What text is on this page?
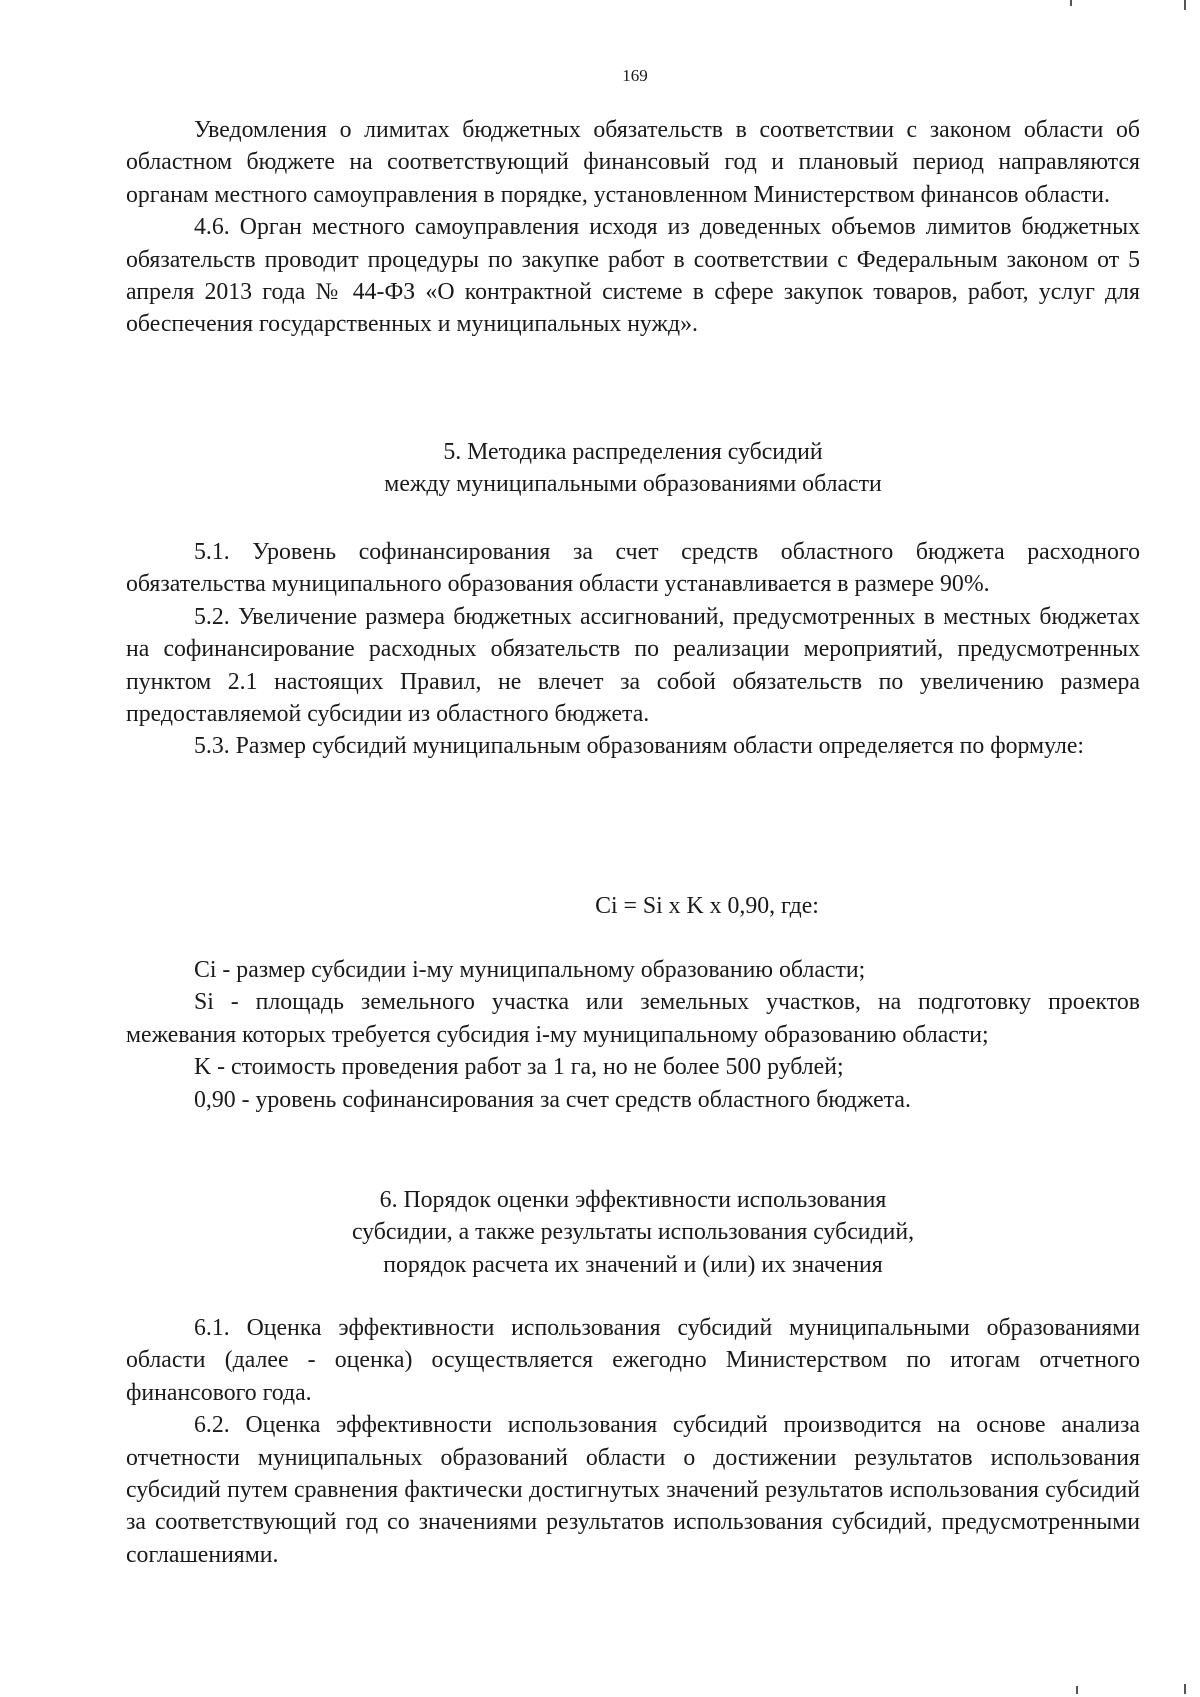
169

Уведомления о лимитах бюджетных обязательств в соответствии с законом области об областном бюджете на соответствующий финансовый год и плановый период направляются органам местного самоуправления в порядке, установленном Министерством финансов области.

4.6. Орган местного самоуправления исходя из доведенных объемов лимитов бюджетных обязательств проводит процедуры по закупке работ в соответствии с Федеральным законом от 5 апреля 2013 года № 44-ФЗ «О контрактной системе в сфере закупок товаров, работ, услуг для обеспечения государственных и муниципальных нужд».

5. Методика распределения субсидий
между муниципальными образованиями области

5.1. Уровень софинансирования за счет средств областного бюджета расходного обязательства муниципального образования области устанавливается в размере 90%.

5.2. Увеличение размера бюджетных ассигнований, предусмотренных в местных бюджетах на софинансирование расходных обязательств по реализации мероприятий, предусмотренных пунктом 2.1 настоящих Правил, не влечет за собой обязательств по увеличению размера предоставляемой субсидии из областного бюджета.

5.3. Размер субсидий муниципальным образованиям области определяется по формуле:

Ci = Si x K x 0,90, где:

Ci - размер субсидии i-му муниципальному образованию области;

Si - площадь земельного участка или земельных участков, на подготовку проектов межевания которых требуется субсидия i-му муниципальному образованию области;

K - стоимость проведения работ за 1 га, но не более 500 рублей;

0,90 - уровень софинансирования за счет средств областного бюджета.

6. Порядок оценки эффективности использования
субсидии, а также результаты использования субсидий,
порядок расчета их значений и (или) их значения

6.1. Оценка эффективности использования субсидий муниципальными образованиями области (далее - оценка) осуществляется ежегодно Министерством по итогам отчетного финансового года.

6.2. Оценка эффективности использования субсидий производится на основе анализа отчетности муниципальных образований области о достижении результатов использования субсидий путем сравнения фактически достигнутых значений результатов использования субсидий за соответствующий год со значениями результатов использования субсидий, предусмотренными соглашениями.
